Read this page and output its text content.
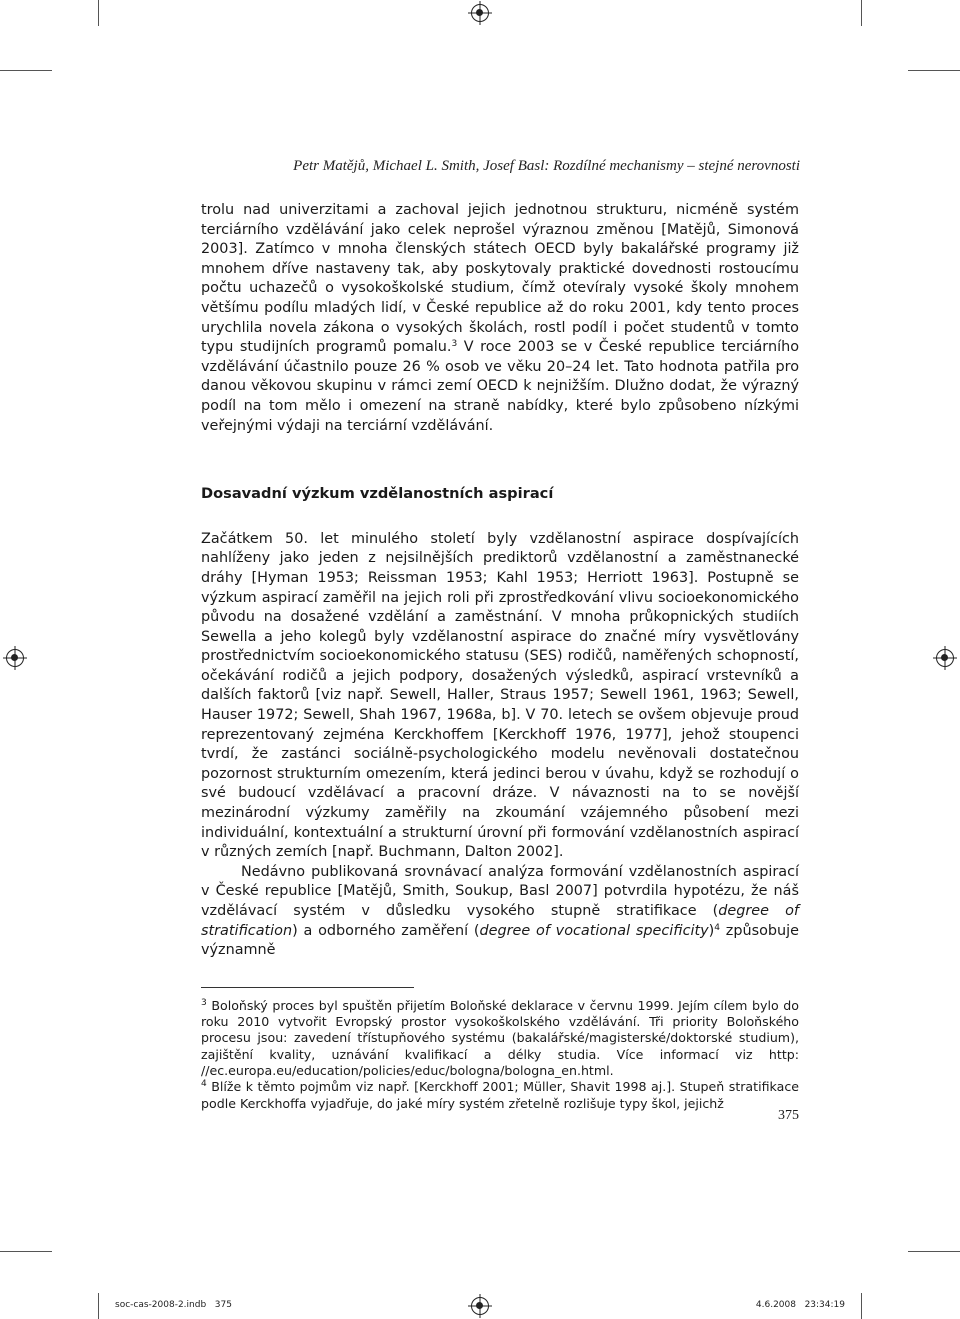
Petr Matějů, Michael L. Smith, Josef Basl: Rozdílné mechanismy – stejné nerovnosti

trolu nad univerzitami a zachoval jejich jednotnou strukturu, nicméně systém terciárního vzdělávání jako celek neprošel výraznou změnou [Matějů, Simonová 2003]. Zatímco v mnoha členských státech OECD byly bakalářské programy již mnohem dříve nastaveny tak, aby poskytovaly praktické dovednosti rostoucímu počtu uchazečů o vysokoškolské studium, čímž otevíraly vysoké školy mnohem většímu podílu mladých lidí, v České republice až do roku 2001, kdy tento proces urychlila novela zákona o vysokých školách, rostl podíl i počet studentů v tomto typu studijních programů pomalu.$^3$ V roce 2003 se v České republice terciárního vzdělávání účastnilo pouze 26 % osob ve věku 20–24 let. Tato hodnota patřila pro danou věkovou skupinu v rámci zemí OECD k nejnižším. Dlužno dodat, že výrazný podíl na tom mělo i omezení na straně nabídky, které bylo způsobeno nízkými veřejnými výdaji na terciární vzdělávání.

Dosavadní výzkum vzdělanostních aspirací

Začátkem 50. let minulého století byly vzdělanostní aspirace dospívajících nahlíženy jako jeden z nejsilnějších prediktorů vzdělanostní a zaměstnanecké dráhy [Hyman 1953; Reissman 1953; Kahl 1953; Herriott 1963]. Postupně se výzkum aspirací zaměřil na jejich roli při zprostředkování vlivu socioekonomického původu na dosažené vzdělání a zaměstnání. V mnoha průkopnických studiích Sewella a jeho kolegů byly vzdělanostní aspirace do značné míry vysvětlovány prostřednictvím socioekonomického statusu (SES) rodičů, naměřených schopností, očekávání rodičů a jejich podpory, dosažených výsledků, aspirací vrstevníků a dalších faktorů [viz např. Sewell, Haller, Straus 1957; Sewell 1961, 1963; Sewell, Hauser 1972; Sewell, Shah 1967, 1968a, b]. V 70. letech se ovšem objevuje proud reprezentovaný zejména Kerckhoffem [Kerckhoff 1976, 1977], jehož stoupenci tvrdí, že zastánci sociálně-psychologického modelu nevěnovali dostatečnou pozornost strukturním omezením, která jedinci berou v úvahu, když se rozhodují o své budoucí vzdělávací a pracovní dráze. V návaznosti na to se novější mezinárodní výzkumy zaměřily na zkoumání vzájemného působení mezi individuální, kontextuální a strukturní úrovní při formování vzdělanostních aspirací v různých zemích [např. Buchmann, Dalton 2002].

Nedávno publikovaná srovnávací analýza formování vzdělanostních aspirací v České republice [Matějů, Smith, Soukup, Basl 2007] potvrdila hypotézu, že náš vzdělávací systém v důsledku vysokého stupně stratifikace (degree of stratification) a odborného zaměření (degree of vocational specificity)$^4$ způsobuje významně

$^3$ Boloňský proces byl spuštěn přijetím Boloňské deklarace v červnu 1999. Jejím cílem bylo do roku 2010 vytvořit Evropský prostor vysokoškolského vzdělávání. Tři priority Boloňského procesu jsou: zavedení třístupňového systému (bakalářské/magisterské/doktorské studium), zajištění kvality, uznávání kvalifikací a délky studia. Více informací viz http: //ec.europa.eu/education/policies/educ/bologna/bologna_en.html.

$^4$ Blíže k těmto pojmům viz např. [Kerckhoff 2001; Müller, Shavit 1998 aj.]. Stupeň stratifikace podle Kerckhoffa vyjadřuje, do jaké míry systém zřetelně rozlišuje typy škol, jejichž

375
soc-cas-2008-2.indb   375	4.6.2008   23:34:19
